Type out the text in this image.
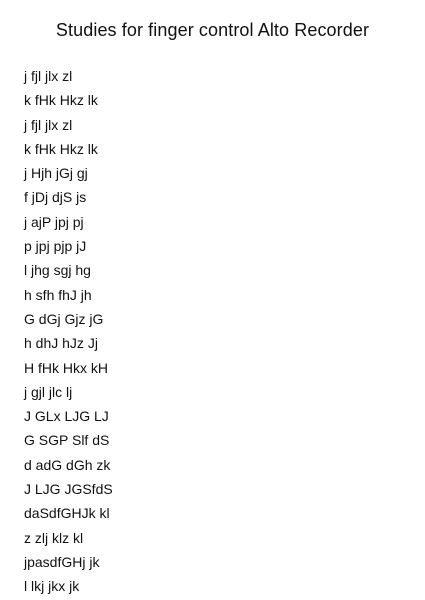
Studies for finger control Alto Recorder
j fjl jlx zl
k fHk Hkz lk
j fjl jlx zl
k fHk Hkz lk
j Hjh jGj gj
f jDj djS js
j ajP jpj pj
p jpj pjp jJ
l jhg sgj hg
h sfh fhJ jh
G dGj Gjz jG
h dhJ hJz Jj
H fHk Hkx kH
j gjl jlc lj
J GLx LJG LJ
G SGP Slf dS
d adG dGh zk
J LJG JGSfdS
daSdfGHJk kl
z zlj klz kl
jpasdfGHj jk
l lkj jkx jk
